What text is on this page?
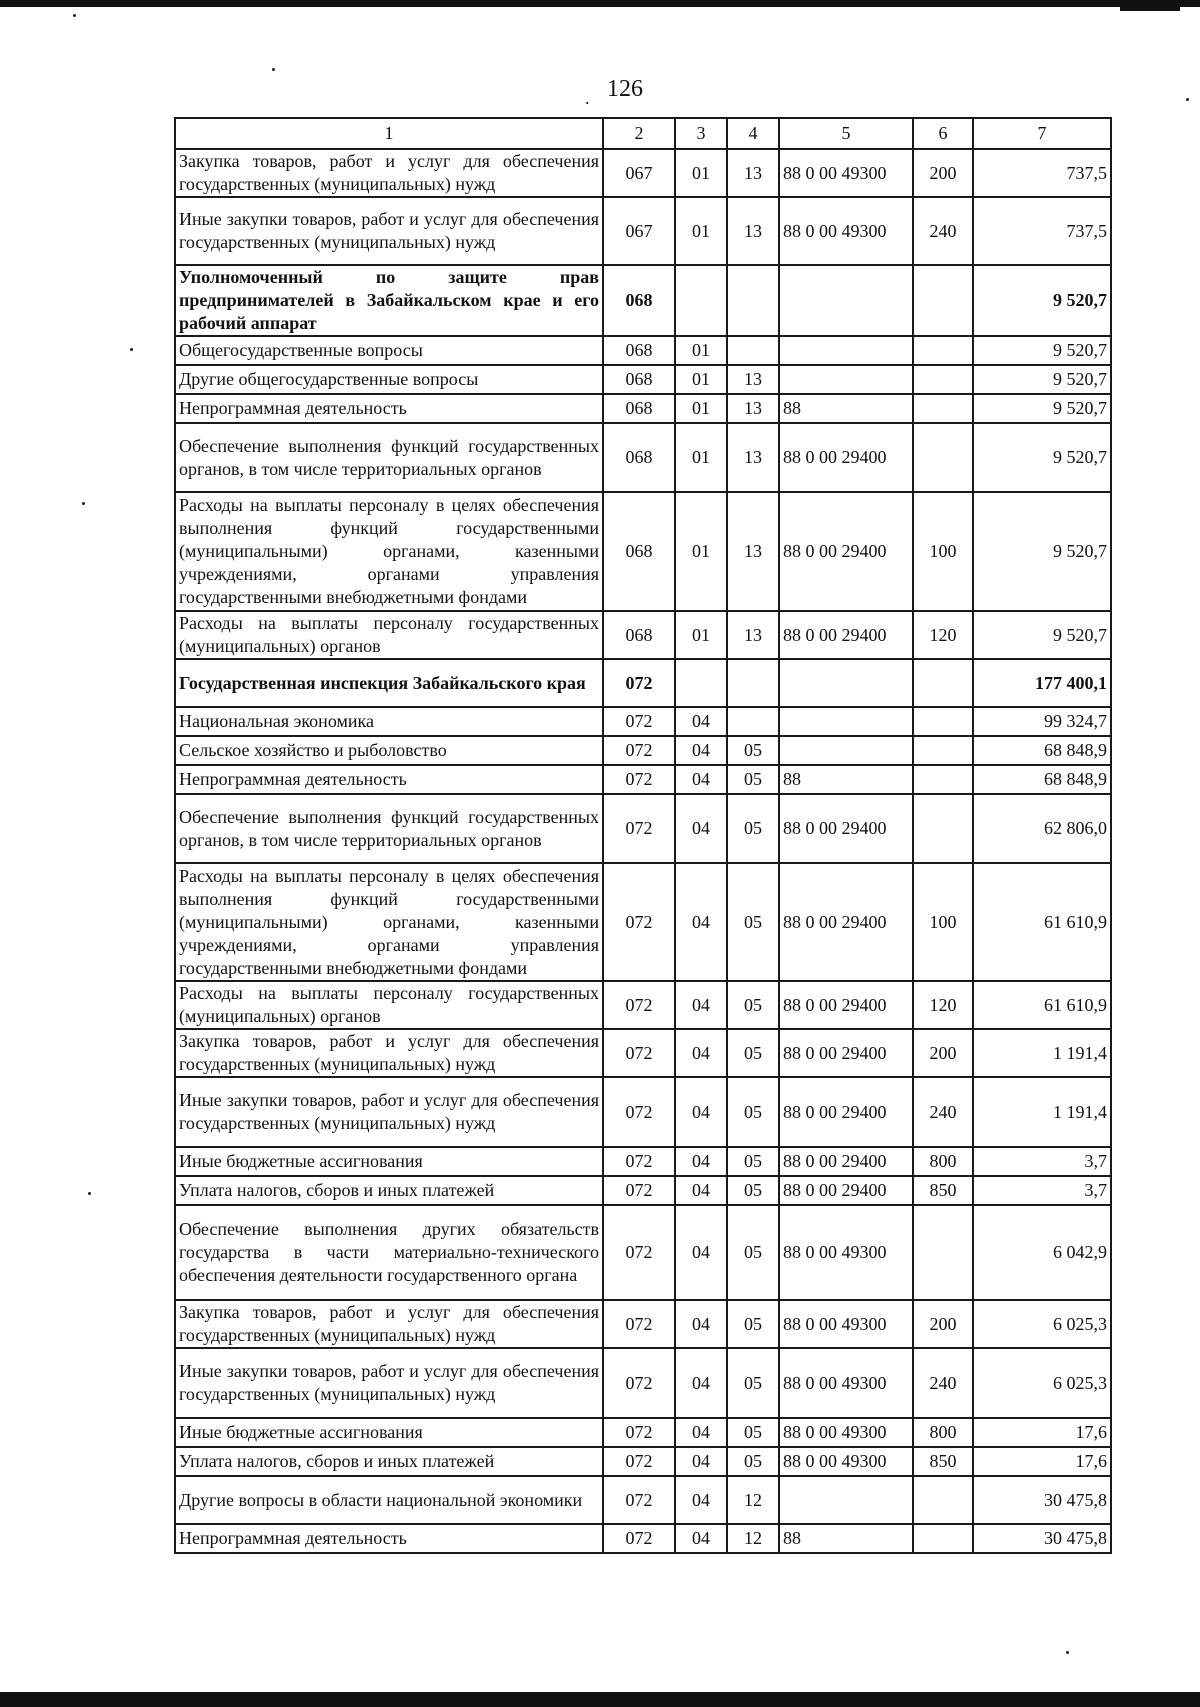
. 126
1	2	3	4	5	6	7
Закупка товаров, работ и услуг для обеспечения государственных (муниципальных) нужд	067	01	13	88 0 00 49300	200	737,5
Иные закупки товаров, работ и услуг для обеспечения государственных (муниципальных) нужд	067	01	13	88 0 00 49300	240	737,5
Уполномоченный по защите прав предпринимателей в Забайкальском крае и его рабочий аппарат	068					9 520,7
Общегосударственные вопросы	068	01				9 520,7
Другие общегосударственные вопросы	068	01	13			9 520,7
Непрограммная деятельность	068	01	13	88		9 520,7
Обеспечение выполнения функций государственных органов, в том числе территориальных органов	068	01	13	88 0 00 29400		9 520,7
Расходы на выплаты персоналу в целях обеспечения выполнения функций государственными (муниципальными) органами, казенными учреждениями, органами управления государственными внебюджетными фондами	068	01	13	88 0 00 29400	100	9 520,7
Расходы на выплаты персоналу государственных (муниципальных) органов	068	01	13	88 0 00 29400	120	9 520,7
Государственная инспекция Забайкальского края	072					177 400,1
Национальная экономика	072	04				99 324,7
Сельское хозяйство и рыболовство	072	04	05			68 848,9
Непрограммная деятельность	072	04	05	88		68 848,9
Обеспечение выполнения функций государственных органов, в том числе территориальных органов	072	04	05	88 0 00 29400		62 806,0
Расходы на выплаты персоналу в целях обеспечения выполнения функций государственными (муниципальными) органами, казенными учреждениями, органами управления государственными внебюджетными фондами	072	04	05	88 0 00 29400	100	61 610,9
Расходы на выплаты персоналу государственных (муниципальных) органов	072	04	05	88 0 00 29400	120	61 610,9
Закупка товаров, работ и услуг для обеспечения государственных (муниципальных) нужд	072	04	05	88 0 00 29400	200	1 191,4
Иные закупки товаров, работ и услуг для обеспечения государственных (муниципальных) нужд	072	04	05	88 0 00 29400	240	1 191,4
Иные бюджетные ассигнования	072	04	05	88 0 00 29400	800	3,7
Уплата налогов, сборов и иных платежей	072	04	05	88 0 00 29400	850	3,7
Обеспечение выполнения других обязательств государства в части материально-технического обеспечения деятельности государственного органа	072	04	05	88 0 00 49300		6 042,9
Закупка товаров, работ и услуг для обеспечения государственных (муниципальных) нужд	072	04	05	88 0 00 49300	200	6 025,3
Иные закупки товаров, работ и услуг для обеспечения государственных (муниципальных) нужд	072	04	05	88 0 00 49300	240	6 025,3
Иные бюджетные ассигнования	072	04	05	88 0 00 49300	800	17,6
Уплата налогов, сборов и иных платежей	072	04	05	88 0 00 49300	850	17,6
Другие вопросы в области национальной экономики	072	04	12			30 475,8
Непрограммная деятельность	072	04	12	88		30 475,8
